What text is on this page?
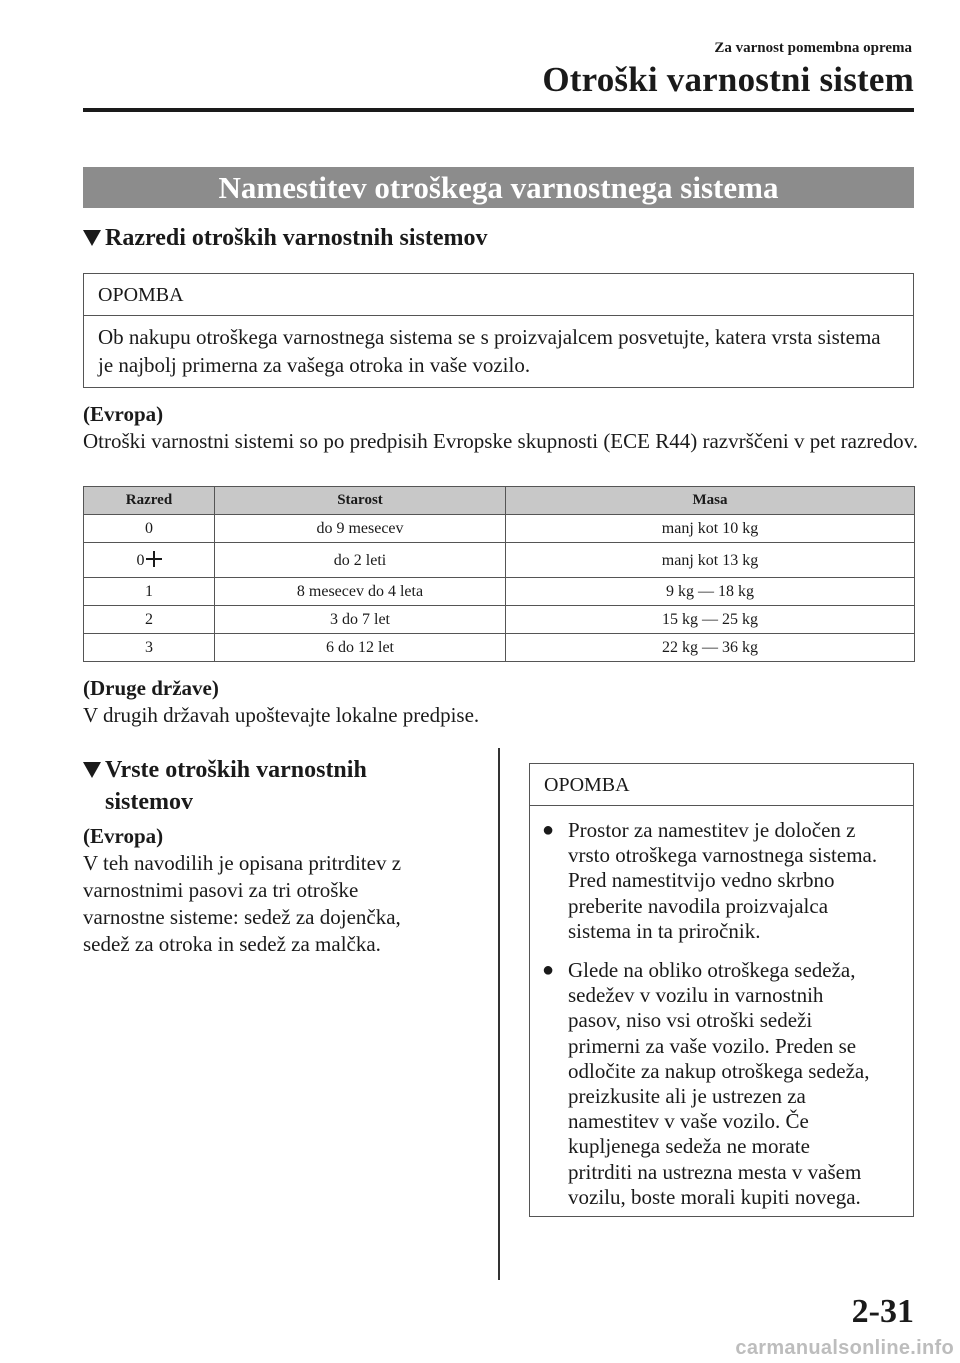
Za varnost pomembna oprema
Otroški varnostni sistem
Namestitev otroškega varnostnega sistema
Razredi otroških varnostnih sistemov
OPOMBA
Ob nakupu otroškega varnostnega sistema se s proizvajalcem posvetujte, katera vrsta sistema je najbolj primerna za vašega otroka in vaše vozilo.
(Evropa)
Otroški varnostni sistemi so po predpisih Evropske skupnosti (ECE R44) razvrščeni v pet razredov.
Razred	Starost	Masa
0	do 9 mesecev	manj kot 10 kg
0	do 2 leti	manj kot 13 kg
1	8 mesecev do 4 leta	9 kg — 18 kg
2	3 do 7 let	15 kg — 25 kg
3	6 do 12 let	22 kg — 36 kg
(Druge države)
V drugih državah upoštevajte lokalne predpise.
Vrste otroških varnostnih
sistemov
(Evropa)
V teh navodilih je opisana pritrditev z
varnostnimi pasovi za tri otroške
varnostne sisteme: sedež za dojenčka,
sedež za otroka in sedež za malčka.
OPOMBA
● Prostor za namestitev je določen z
vrsto otroškega varnostnega sistema.
Pred namestitvijo vedno skrbno
preberite navodila proizvajalca
sistema in ta priročnik.
● Glede na obliko otroškega sedeža,
sedežev v vozilu in varnostnih
pasov, niso vsi otroški sedeži
primerni za vaše vozilo. Preden se
odločite za nakup otroškega sedeža,
preizkusite ali je ustrezen za
namestitev v vaše vozilo. Če
kupljenega sedeža ne morate
pritrditi na ustrezna mesta v vašem
vozilu, boste morali kupiti novega.
2-31
carmanualsonline.info
